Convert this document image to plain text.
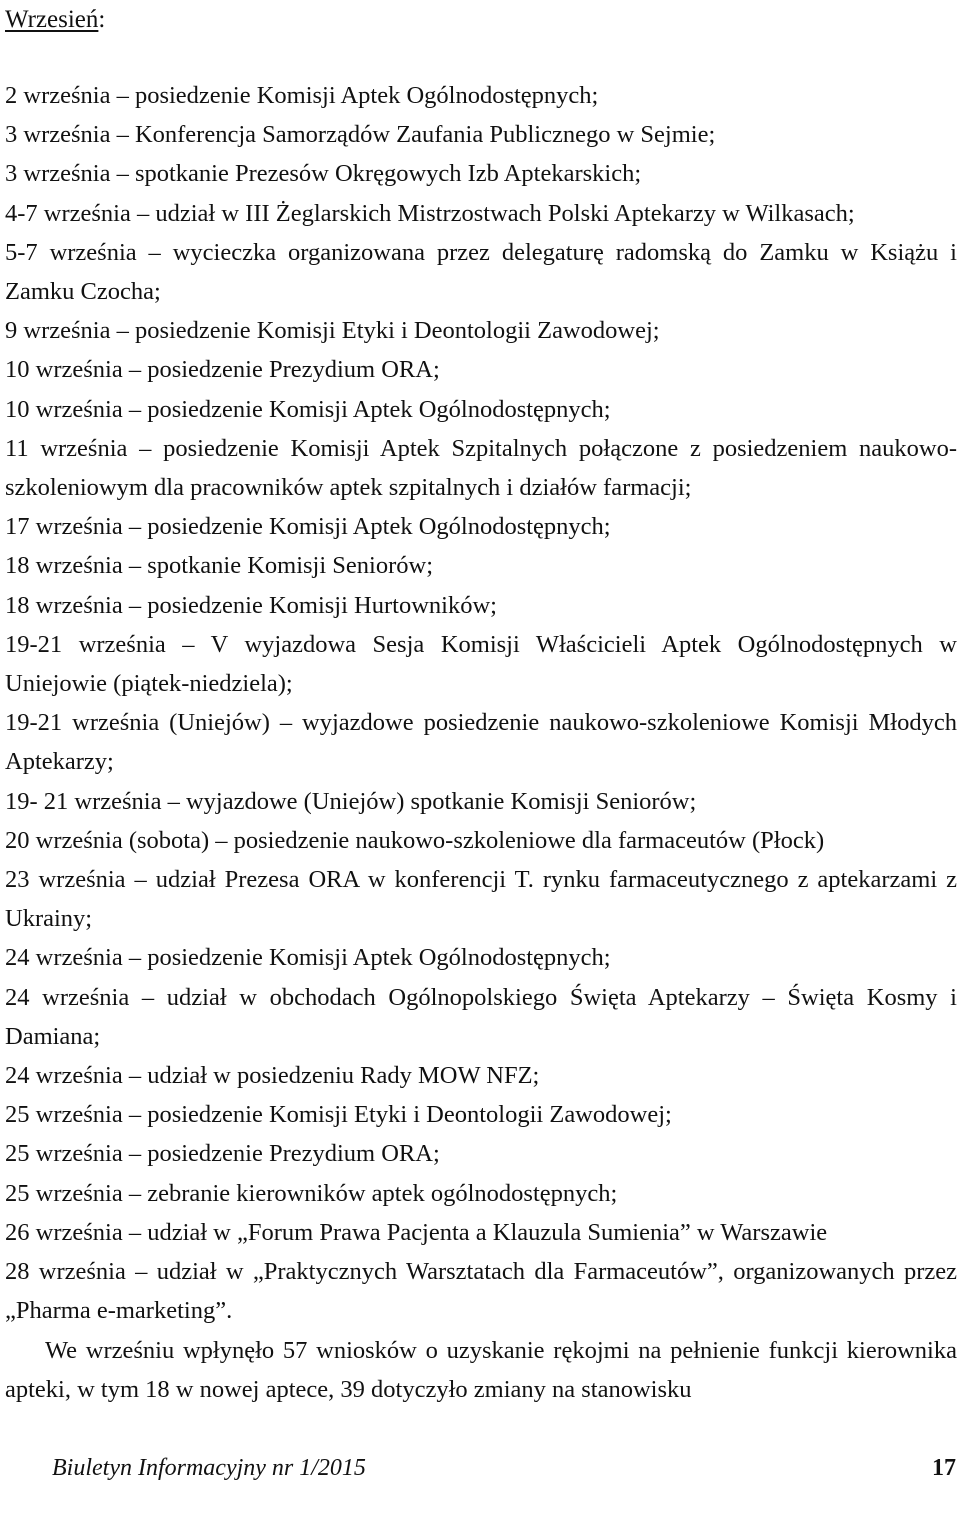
Wrzesień:

2 września – posiedzenie Komisji Aptek Ogólnodostępnych;

3 września – Konferencja Samorządów Zaufania Publicznego w Sejmie;

3 września – spotkanie Prezesów Okręgowych Izb Aptekarskich;

4-7 września – udział w III Żeglarskich Mistrzostwach Polski Aptekarzy w Wilkasach;

5-7 września – wycieczka organizowana przez delegaturę radomską do Zamku w Książu i Zamku Czocha;

9 września – posiedzenie Komisji Etyki i Deontologii Zawodowej;

10 września – posiedzenie Prezydium ORA;

10 września – posiedzenie Komisji Aptek Ogólnodostępnych;

11 września – posiedzenie Komisji Aptek Szpitalnych połączone z posiedzeniem naukowo-szkoleniowym dla pracowników aptek szpitalnych i działów farmacji;

17 września – posiedzenie Komisji Aptek Ogólnodostępnych;

18 września – spotkanie Komisji Seniorów;

18 września – posiedzenie Komisji Hurtowników;

19-21 września – V wyjazdowa Sesja Komisji Właścicieli Aptek Ogólnodostępnych w Uniejowie (piątek-niedziela);

19-21 września (Uniejów) – wyjazdowe posiedzenie naukowo-szkoleniowe Komisji Młodych Aptekarzy;

19- 21 września – wyjazdowe (Uniejów) spotkanie Komisji Seniorów;

20 września (sobota) – posiedzenie naukowo-szkoleniowe dla farmaceutów (Płock)

23 września – udział Prezesa ORA w konferencji T. rynku farmaceutycznego z aptekarzami z Ukrainy;

24 września – posiedzenie Komisji Aptek Ogólnodostępnych;

24 września – udział w obchodach Ogólnopolskiego Święta Aptekarzy – Święta Kosmy i Damiana;

24 września – udział w posiedzeniu Rady MOW NFZ;

25 września – posiedzenie Komisji Etyki i Deontologii Zawodowej;

25 września – posiedzenie Prezydium ORA;

25 września – zebranie kierowników aptek ogólnodostępnych;

26 września – udział w „Forum Prawa Pacjenta a Klauzula Sumienia” w Warszawie

28 września – udział w „Praktycznych Warsztatach dla Farmaceutów”, organizowanych przez „Pharma e-marketing”.

We wrześniu wpłynęło 57 wniosków o uzyskanie rękojmi na pełnienie funkcji kierownika apteki, w tym 18 w nowej aptece, 39 dotyczyło zmiany na stanowisku

Biuletyn Informacyjny nr 1/2015	17
